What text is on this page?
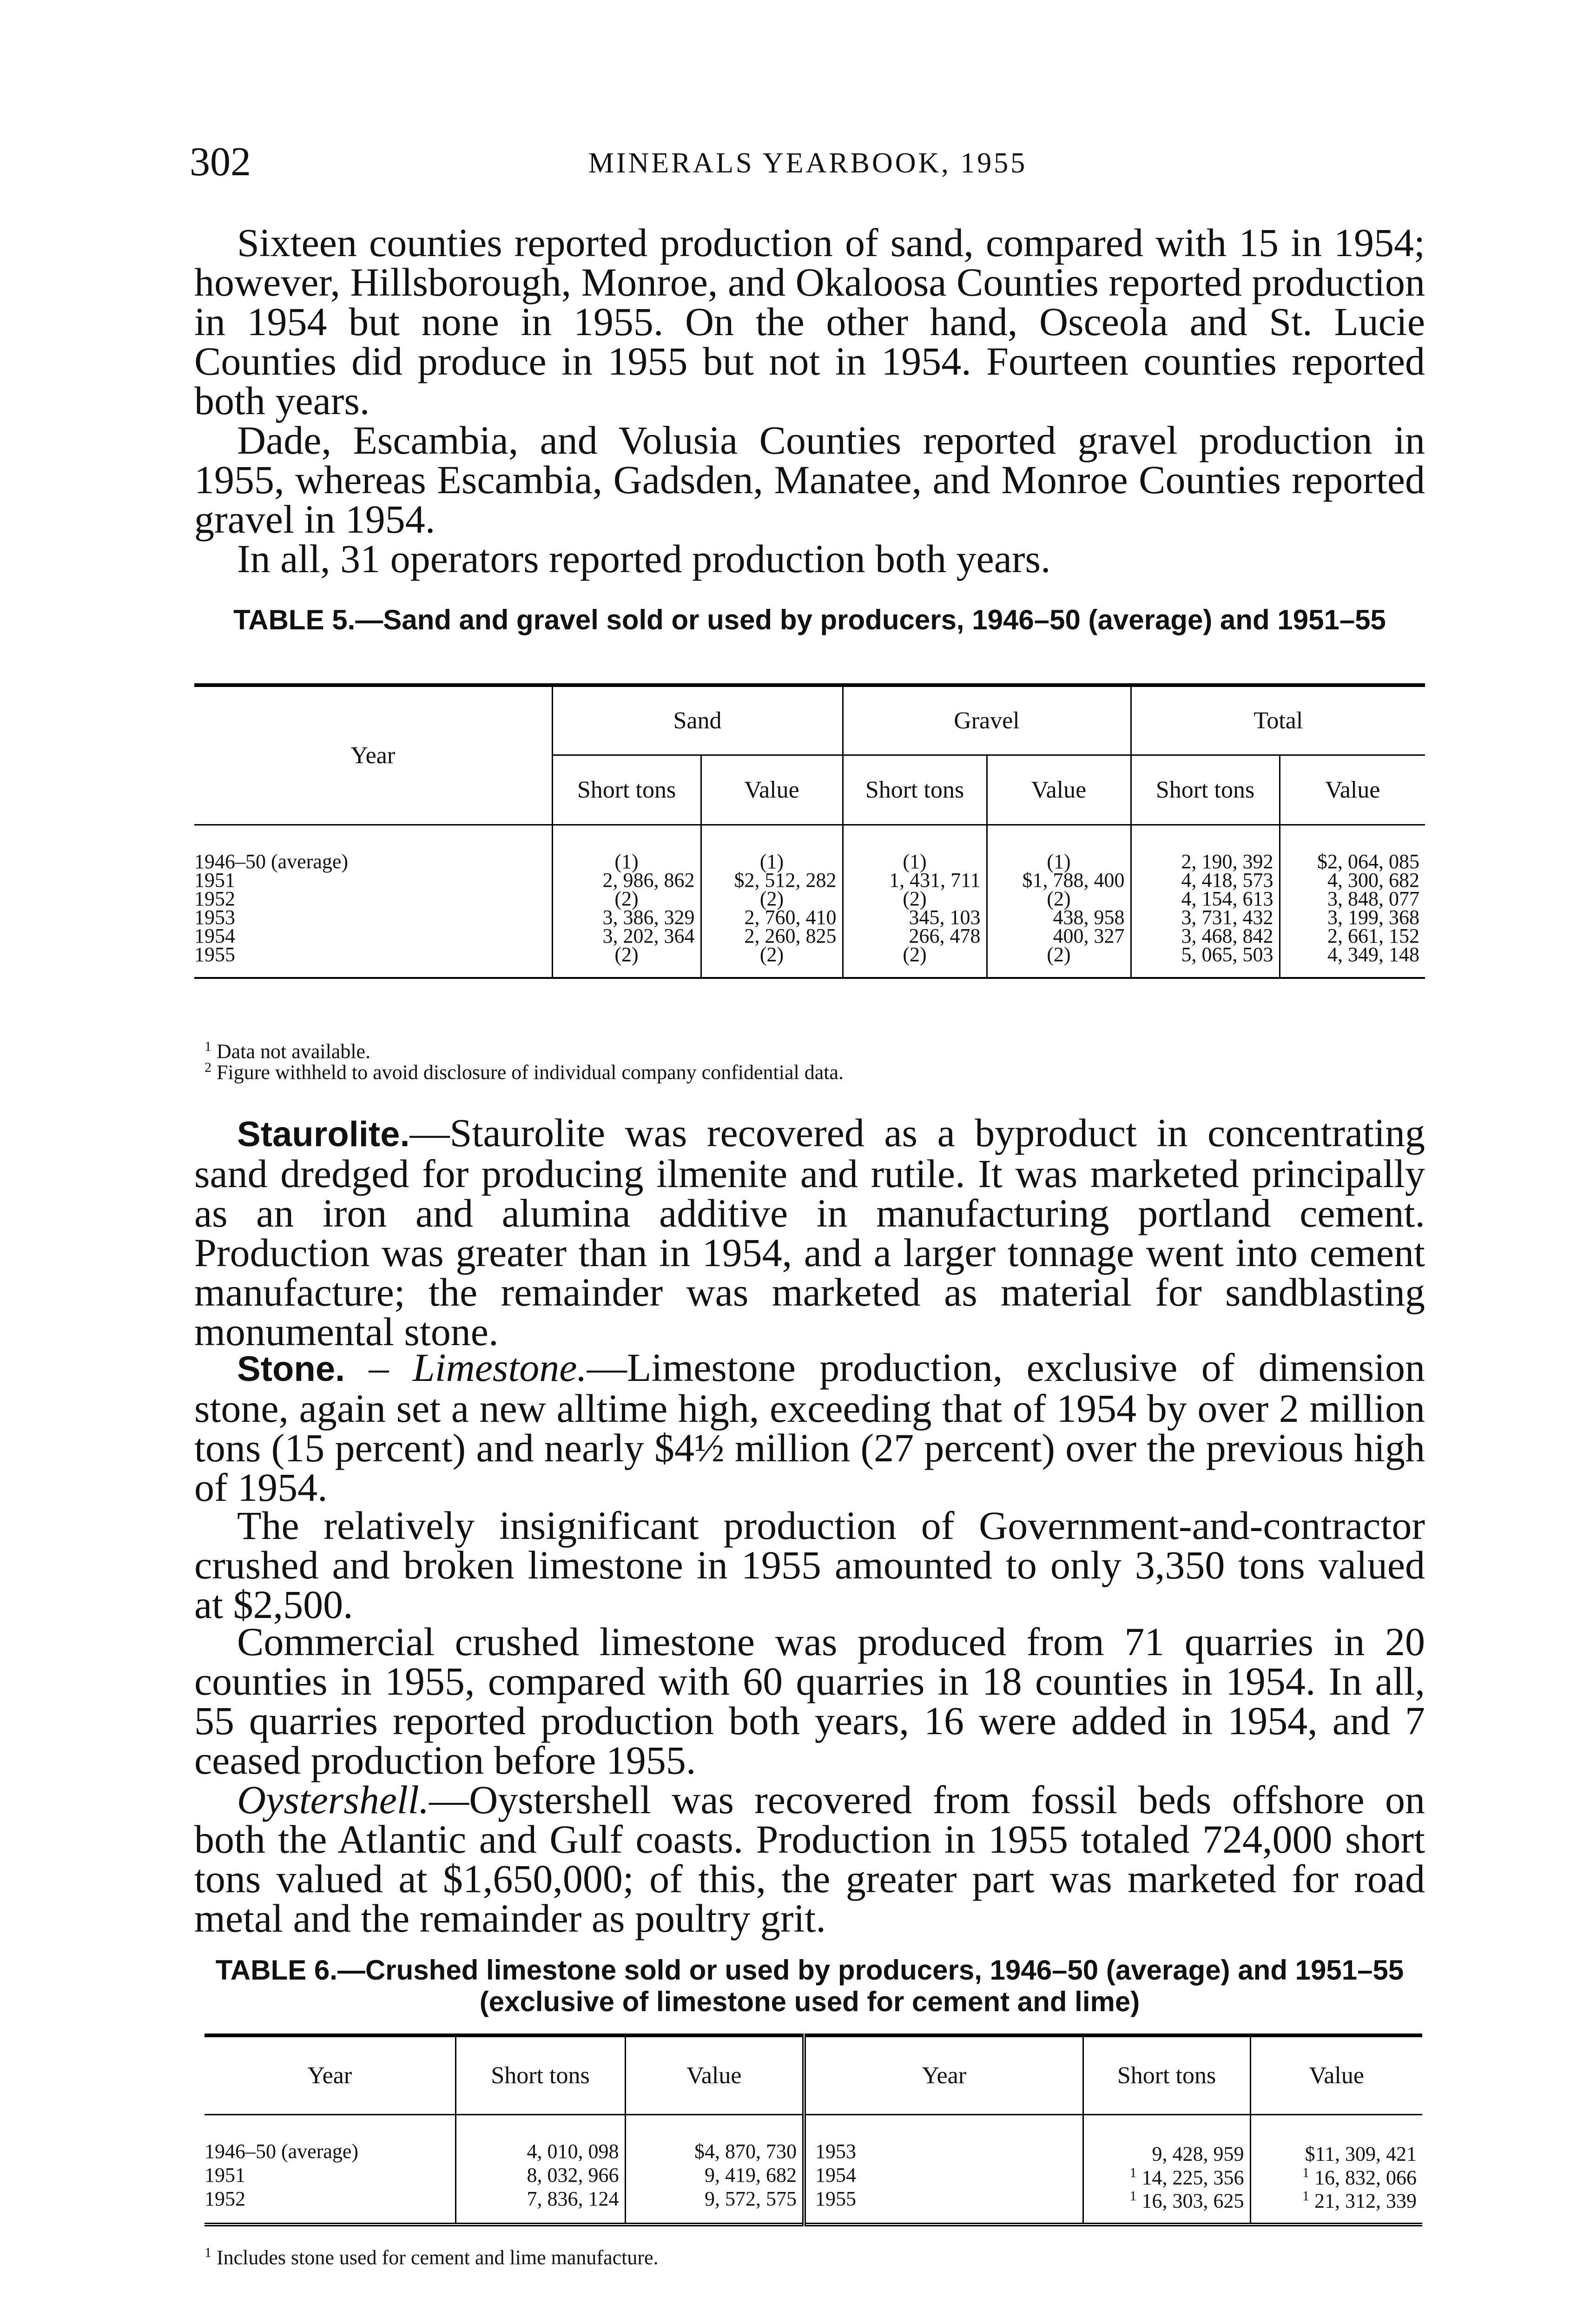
302	MINERALS YEARBOOK, 1955

Sixteen counties reported production of sand, compared with 15 in 1954; however, Hillsborough, Monroe, and Okaloosa Counties reported production in 1954 but none in 1955. On the other hand, Osceola and St. Lucie Counties did produce in 1955 but not in 1954. Fourteen counties reported both years.

Dade, Escambia, and Volusia Counties reported gravel production in 1955, whereas Escambia, Gadsden, Manatee, and Monroe Counties reported gravel in 1954.

In all, 31 operators reported production both years.

TABLE 5.—Sand and gravel sold or used by producers, 1946–50 (average) and 1951–55

Year	Sand		Gravel		Total	
	Short tons	Value	Short tons	Value	Short tons	Value

1946–50 (average)	(1)	(1)	(1)	(1)	2, 190, 392	$2, 064, 085
1951	2, 986, 862	$2, 512, 282	1, 431, 711	$1, 788, 400	4, 418, 573	4, 300, 682
1952	(2)	(2)	(2)	(2)	4, 154, 613	3, 848, 077
1953	3, 386, 329	2, 760, 410	345, 103	438, 958	3, 731, 432	3, 199, 368
1954	3, 202, 364	2, 260, 825	266, 478	400, 327	3, 468, 842	2, 661, 152
1955	(2)	(2)	(2)	(2)	5, 065, 503	4, 349, 148

$^1$ Data not available.

$^2$ Figure withheld to avoid disclosure of individual company confidential data.

Staurolite.—Staurolite was recovered as a byproduct in concentrating sand dredged for producing ilmenite and rutile. It was marketed principally as an iron and alumina additive in manufacturing portland cement. Production was greater than in 1954, and a larger tonnage went into cement manufacture; the remainder was marketed as material for sandblasting monumental stone.

Stone. – Limestone.—Limestone production, exclusive of dimension stone, again set a new alltime high, exceeding that of 1954 by over 2 million tons (15 percent) and nearly $4½ million (27 percent) over the previous high of 1954.

The relatively insignificant production of Government-and-contractor crushed and broken limestone in 1955 amounted to only 3,350 tons valued at $2,500.

Commercial crushed limestone was produced from 71 quarries in 20 counties in 1955, compared with 60 quarries in 18 counties in 1954. In all, 55 quarries reported production both years, 16 were added in 1954, and 7 ceased production before 1955.

Oystershell.—Oystershell was recovered from fossil beds offshore on both the Atlantic and Gulf coasts. Production in 1955 totaled 724,000 short tons valued at $1,650,000; of this, the greater part was marketed for road metal and the remainder as poultry grit.

TABLE 6.—Crushed limestone sold or used by producers, 1946–50 (average) and 1951–55 (exclusive of limestone used for cement and lime)

Year	Short tons	Value	Year	Short tons	Value

1946–50 (average)	4, 010, 098	$4, 870, 730	1953	9, 428, 959	$11, 309, 421
1951	8, 032, 966	9, 419, 682	1954	$^1$ 14, 225, 356	$^1$ 16, 832, 066
1952	7, 836, 124	9, 572, 575	1955	$^1$ 16, 303, 625	$^1$ 21, 312, 339

$^1$ Includes stone used for cement and lime manufacture.
